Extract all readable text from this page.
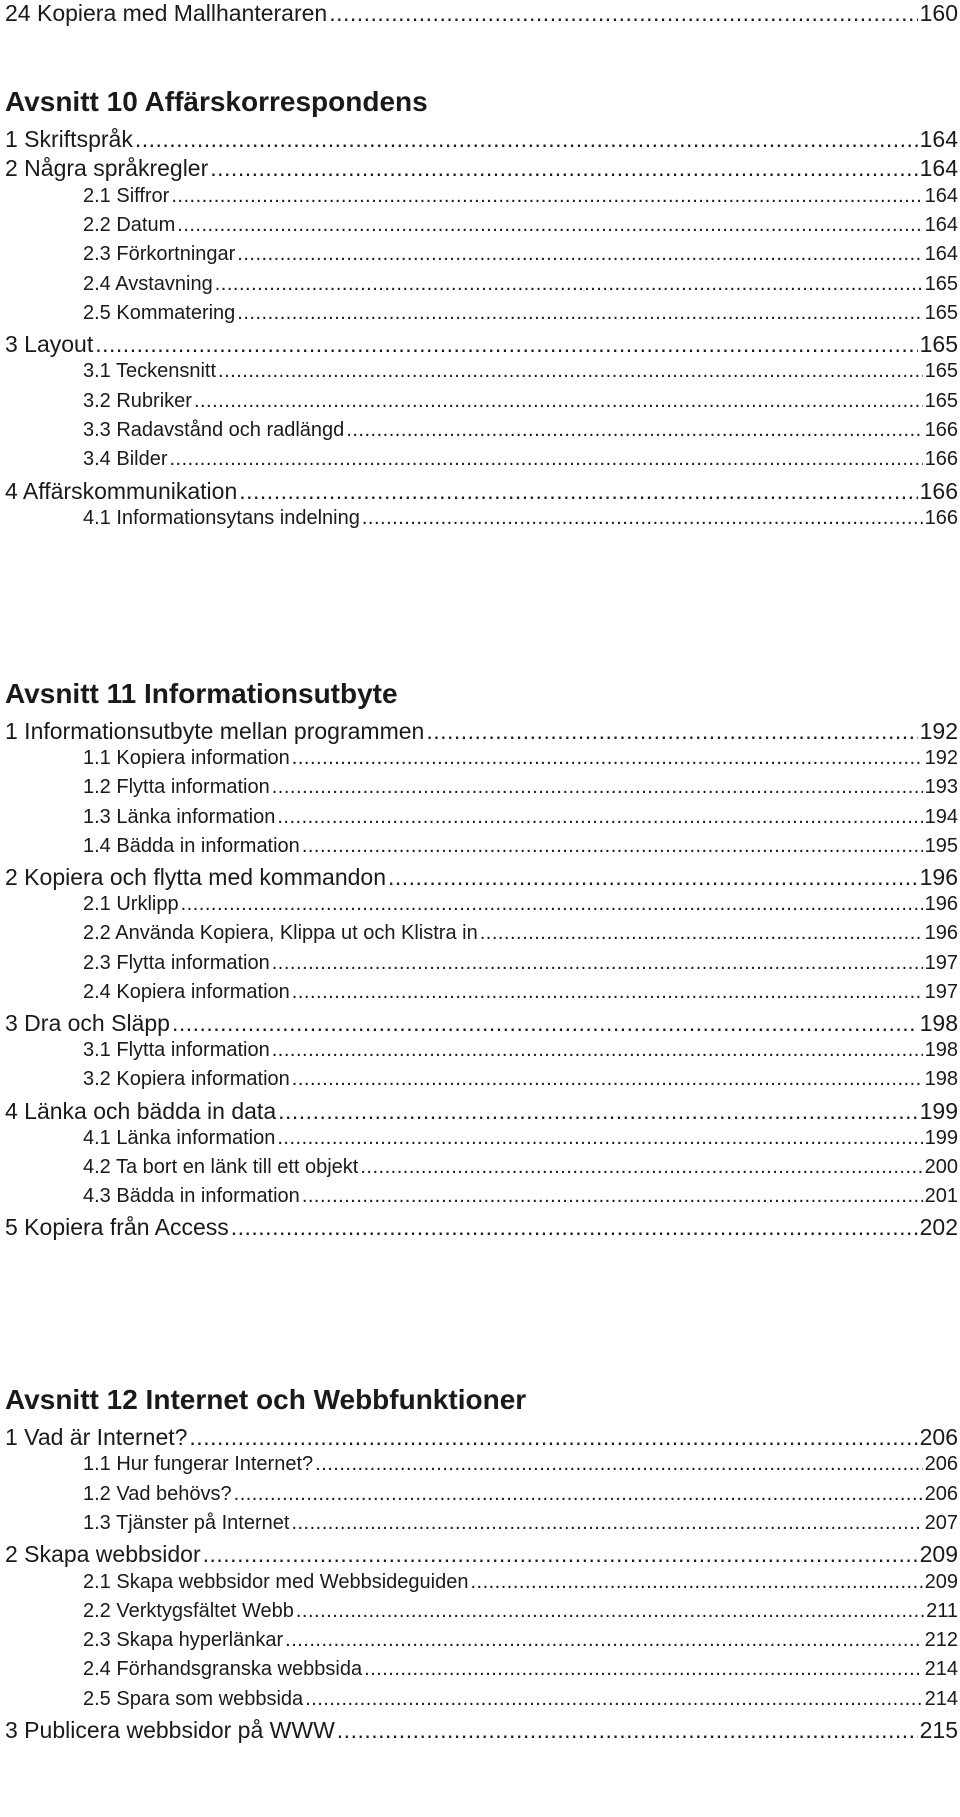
24 Kopiera med Mallhanteraren .....	160
Avsnitt 10 Affärskorrespondens
1 Skriftspråk .....	164
2 Några språkregler .....	164
2.1 Siffror .....	164
2.2 Datum .....	164
2.3 Förkortningar .....	164
2.4 Avstavning .....	165
2.5 Kommatering .....	165
3 Layout .....	165
3.1 Teckensnitt .....	165
3.2 Rubriker .....	165
3.3 Radavstånd och radlängd .....	166
3.4 Bilder .....	166
4 Affärskommunikation .....	166
4.1 Informationsytans indelning .....	166
Avsnitt 11 Informationsutbyte
1 Informationsutbyte mellan programmen .....	192
1.1 Kopiera information .....	192
1.2 Flytta information .....	193
1.3 Länka information .....	194
1.4 Bädda in information .....	195
2 Kopiera och flytta med kommandon .....	196
2.1 Urklipp .....	196
2.2 Använda Kopiera, Klippa ut och Klistra in .....	196
2.3 Flytta information .....	197
2.4 Kopiera information .....	197
3 Dra och Släpp .....	198
3.1 Flytta information .....	198
3.2 Kopiera information .....	198
4 Länka och bädda in data .....	199
4.1 Länka information .....	199
4.2 Ta bort en länk till ett objekt .....	200
4.3 Bädda in information .....	201
5 Kopiera från Access .....	202
Avsnitt 12 Internet och Webbfunktioner
1 Vad är Internet? .....	206
1.1 Hur fungerar Internet? .....	206
1.2 Vad behövs? .....	206
1.3 Tjänster på Internet .....	207
2 Skapa webbsidor .....	209
2.1 Skapa webbsidor med Webbsideguiden .....	209
2.2 Verktygsfältet Webb .....	211
2.3 Skapa hyperlänkar .....	212
2.4 Förhandsgranska webbsida .....	214
2.5 Spara som webbsida .....	214
3 Publicera webbsidor på WWW .....	215
